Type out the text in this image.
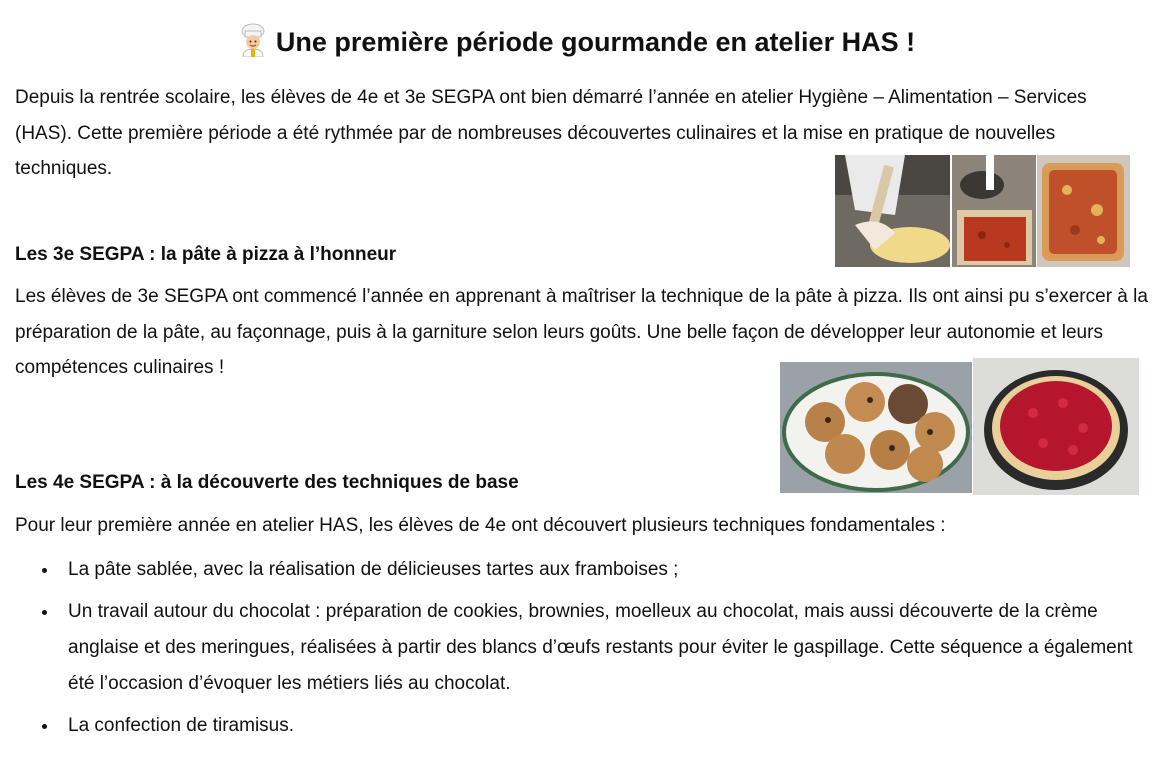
Une première période gourmande en atelier HAS !

Depuis la rentrée scolaire, les élèves de 4e et 3e SEGPA ont bien démarré l’année en atelier Hygiène – Alimentation – Services (HAS). Cette première période a été rythmée par de nombreuses découvertes culinaires et la mise en pratique de nouvelles techniques.

Les 3e SEGPA : la pâte à pizza à l’honneur

Les élèves de 3e SEGPA ont commencé l’année en apprenant à maîtriser la technique de la pâte à pizza. Ils ont ainsi pu s’exercer à la préparation de la pâte, au façonnage, puis à la garniture selon leurs goûts. Une belle façon de développer leur autonomie et leurs compétences culinaires !

Les 4e SEGPA : à la découverte des techniques de base

Pour leur première année en atelier HAS, les élèves de 4e ont découvert plusieurs techniques fondamentales :

La pâte sablée, avec la réalisation de délicieuses tartes aux framboises ;
Un travail autour du chocolat : préparation de cookies, brownies, moelleux au chocolat, mais aussi découverte de la crème anglaise et des meringues, réalisées à partir des blancs d’œufs restants pour éviter le gaspillage. Cette séquence a également été l’occasion d’évoquer les métiers liés au chocolat.
La confection de tiramisus.
